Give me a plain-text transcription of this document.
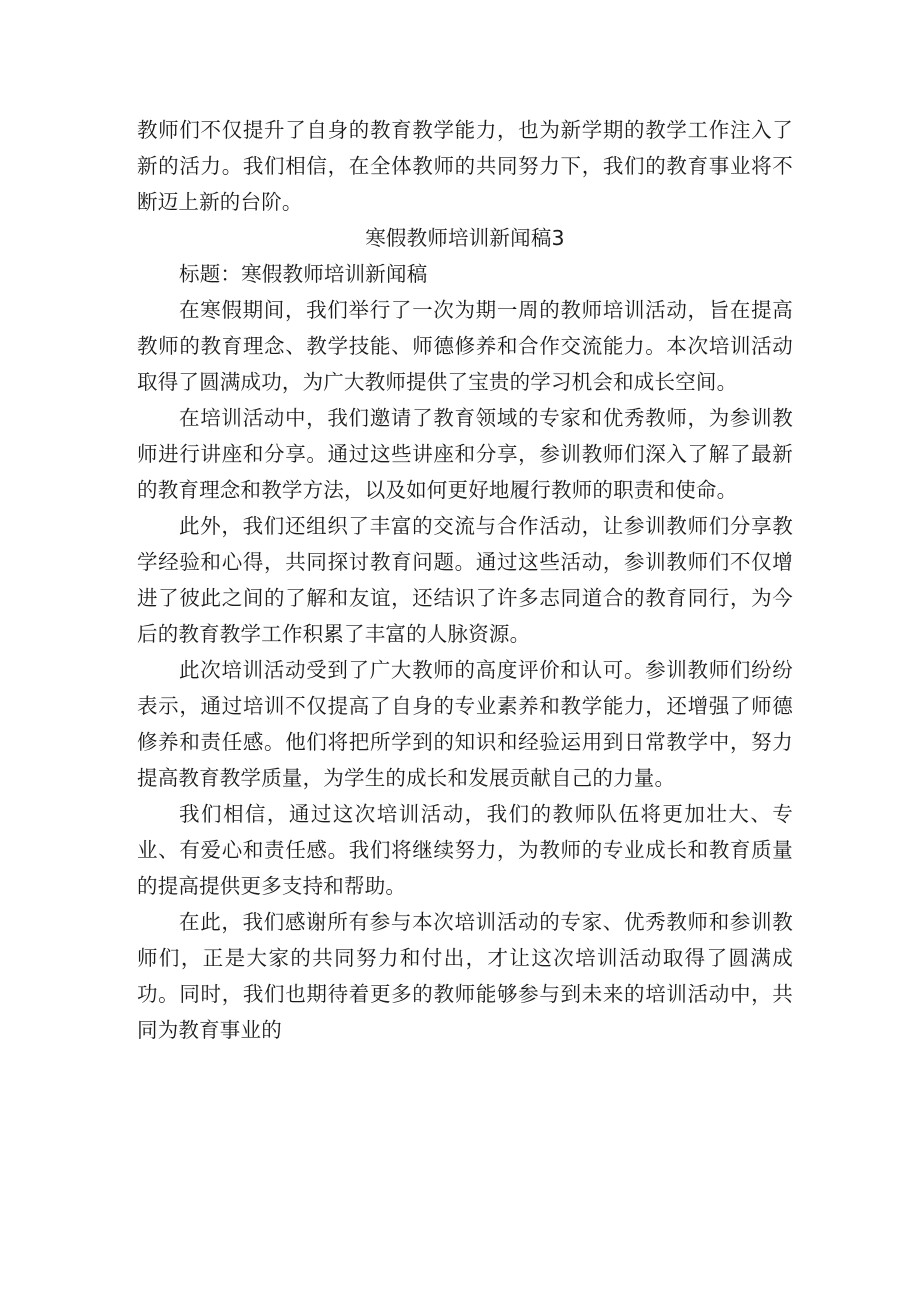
教师们不仅提升了自身的教育教学能力，也为新学期的教学工作注入了新的活力。我们相信，在全体教师的共同努力下，我们的教育事业将不断迈上新的台阶。

寒假教师培训新闻稿3

标题：寒假教师培训新闻稿

在寒假期间，我们举行了一次为期一周的教师培训活动，旨在提高教师的教育理念、教学技能、师德修养和合作交流能力。本次培训活动取得了圆满成功，为广大教师提供了宝贵的学习机会和成长空间。

在培训活动中，我们邀请了教育领域的专家和优秀教师，为参训教师进行讲座和分享。通过这些讲座和分享，参训教师们深入了解了最新的教育理念和教学方法，以及如何更好地履行教师的职责和使命。

此外，我们还组织了丰富的交流与合作活动，让参训教师们分享教学经验和心得，共同探讨教育问题。通过这些活动，参训教师们不仅增进了彼此之间的了解和友谊，还结识了许多志同道合的教育同行，为今后的教育教学工作积累了丰富的人脉资源。

此次培训活动受到了广大教师的高度评价和认可。参训教师们纷纷表示，通过培训不仅提高了自身的专业素养和教学能力，还增强了师德修养和责任感。他们将把所学到的知识和经验运用到日常教学中，努力提高教育教学质量，为学生的成长和发展贡献自己的力量。

我们相信，通过这次培训活动，我们的教师队伍将更加壮大、专业、有爱心和责任感。我们将继续努力，为教师的专业成长和教育质量的提高提供更多支持和帮助。

在此，我们感谢所有参与本次培训活动的专家、优秀教师和参训教师们，正是大家的共同努力和付出，才让这次培训活动取得了圆满成功。同时，我们也期待着更多的教师能够参与到未来的培训活动中，共同为教育事业的
